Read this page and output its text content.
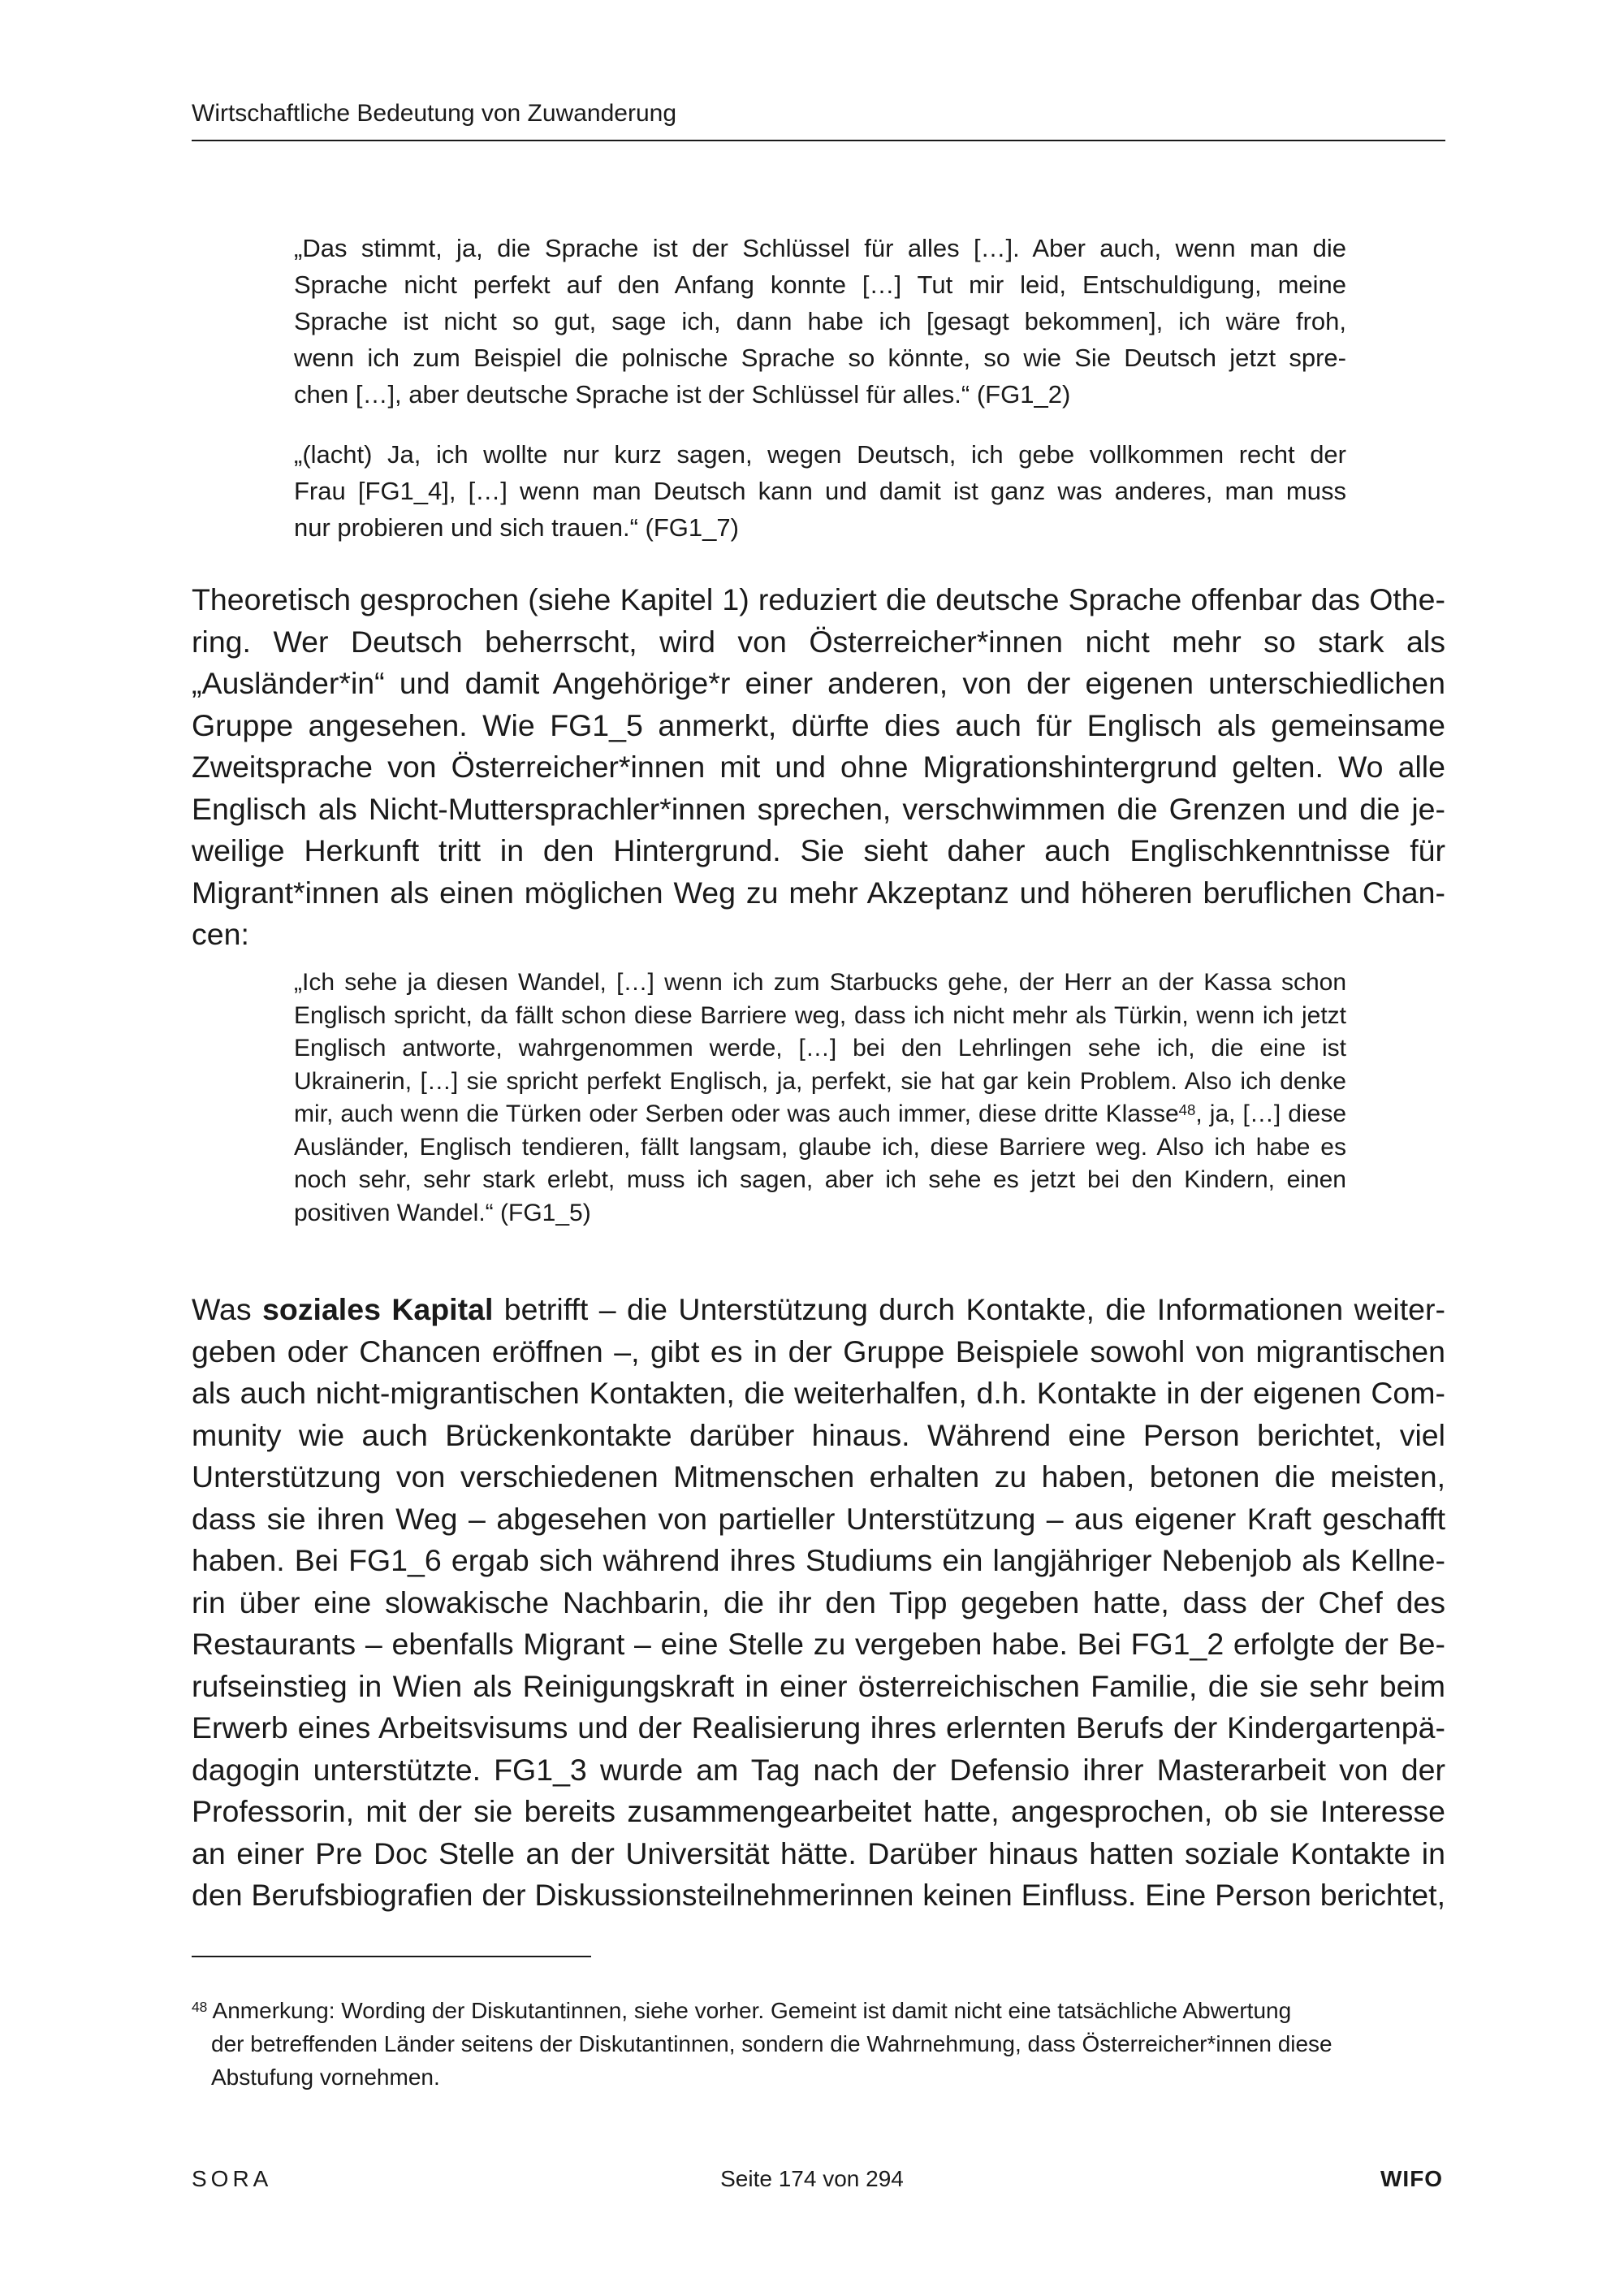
Wirtschaftliche Bedeutung von Zuwanderung
„Das stimmt, ja, die Sprache ist der Schlüssel für alles […]. Aber auch, wenn man die
Sprache nicht perfekt auf den Anfang konnte […] Tut mir leid, Entschuldigung, meine
Sprache ist nicht so gut, sage ich, dann habe ich [gesagt bekommen], ich wäre froh,
wenn ich zum Beispiel die polnische Sprache so könnte, so wie Sie Deutsch jetzt spre-
chen […], aber deutsche Sprache ist der Schlüssel für alles.“ (FG1_2)
„(lacht) Ja, ich wollte nur kurz sagen, wegen Deutsch, ich gebe vollkommen recht der
Frau [FG1_4], […] wenn man Deutsch kann und damit ist ganz was anderes, man muss
nur probieren und sich trauen.“ (FG1_7)
Theoretisch gesprochen (siehe Kapitel 1) reduziert die deutsche Sprache offenbar das Othe-
ring. Wer Deutsch beherrscht, wird von Österreicher*innen nicht mehr so stark als
„Ausländer*in“ und damit Angehörige*r einer anderen, von der eigenen unterschiedlichen
Gruppe angesehen. Wie FG1_5 anmerkt, dürfte dies auch für Englisch als gemeinsame
Zweitsprache von Österreicher*innen mit und ohne Migrationshintergrund gelten. Wo alle
Englisch als Nicht-Muttersprachler*innen sprechen, verschwimmen die Grenzen und die je-
weilige Herkunft tritt in den Hintergrund. Sie sieht daher auch Englischkenntnisse für
Migrant*innen als einen möglichen Weg zu mehr Akzeptanz und höheren beruflichen Chan-
cen:
„Ich sehe ja diesen Wandel, […] wenn ich zum Starbucks gehe, der Herr an der Kassa schon Englisch spricht, da fällt schon diese Barriere weg, dass ich nicht mehr als Türkin, wenn ich jetzt Englisch antworte, wahrgenommen werde, […] bei den Lehrlingen sehe ich, die eine ist Ukrainerin, […] sie spricht perfekt Englisch, ja, perfekt, sie hat gar kein Problem. Also ich denke mir, auch wenn die Türken oder Serben oder was auch immer, diese dritte Klasse$^{48}$, ja, […] diese Ausländer, Englisch tendieren, fällt langsam, glaube ich, diese Barriere weg. Also ich habe es noch sehr, sehr stark erlebt, muss ich sagen, aber ich sehe es jetzt bei den Kindern, einen positiven Wandel.“ (FG1_5)
Was soziales Kapital betrifft – die Unterstützung durch Kontakte, die Informationen weiter-
geben oder Chancen eröffnen –, gibt es in der Gruppe Beispiele sowohl von migrantischen
als auch nicht-migrantischen Kontakten, die weiterhalfen, d.h. Kontakte in der eigenen Com-
munity wie auch Brückenkontakte darüber hinaus. Während eine Person berichtet, viel
Unterstützung von verschiedenen Mitmenschen erhalten zu haben, betonen die meisten,
dass sie ihren Weg – abgesehen von partieller Unterstützung – aus eigener Kraft geschafft
haben. Bei FG1_6 ergab sich während ihres Studiums ein langjähriger Nebenjob als Kellne-
rin über eine slowakische Nachbarin, die ihr den Tipp gegeben hatte, dass der Chef des
Restaurants – ebenfalls Migrant – eine Stelle zu vergeben habe. Bei FG1_2 erfolgte der Be-
rufseinstieg in Wien als Reinigungskraft in einer österreichischen Familie, die sie sehr beim
Erwerb eines Arbeitsvisums und der Realisierung ihres erlernten Berufs der Kindergartenpä-
dagogin unterstützte. FG1_3 wurde am Tag nach der Defensio ihrer Masterarbeit von der
Professorin, mit der sie bereits zusammengearbeitet hatte, angesprochen, ob sie Interesse
an einer Pre Doc Stelle an der Universität hätte. Darüber hinaus hatten soziale Kontakte in
den Berufsbiografien der Diskussionsteilnehmerinnen keinen Einfluss. Eine Person berichtet,
$^{48}$ Anmerkung: Wording der Diskutantinnen, siehe vorher. Gemeint ist damit nicht eine tatsächliche Abwertung
der betreffenden Länder seitens der Diskutantinnen, sondern die Wahrnehmung, dass Österreicher*innen diese
Abstufung vornehmen.
SORA	Seite 174 von 294	WIFO
